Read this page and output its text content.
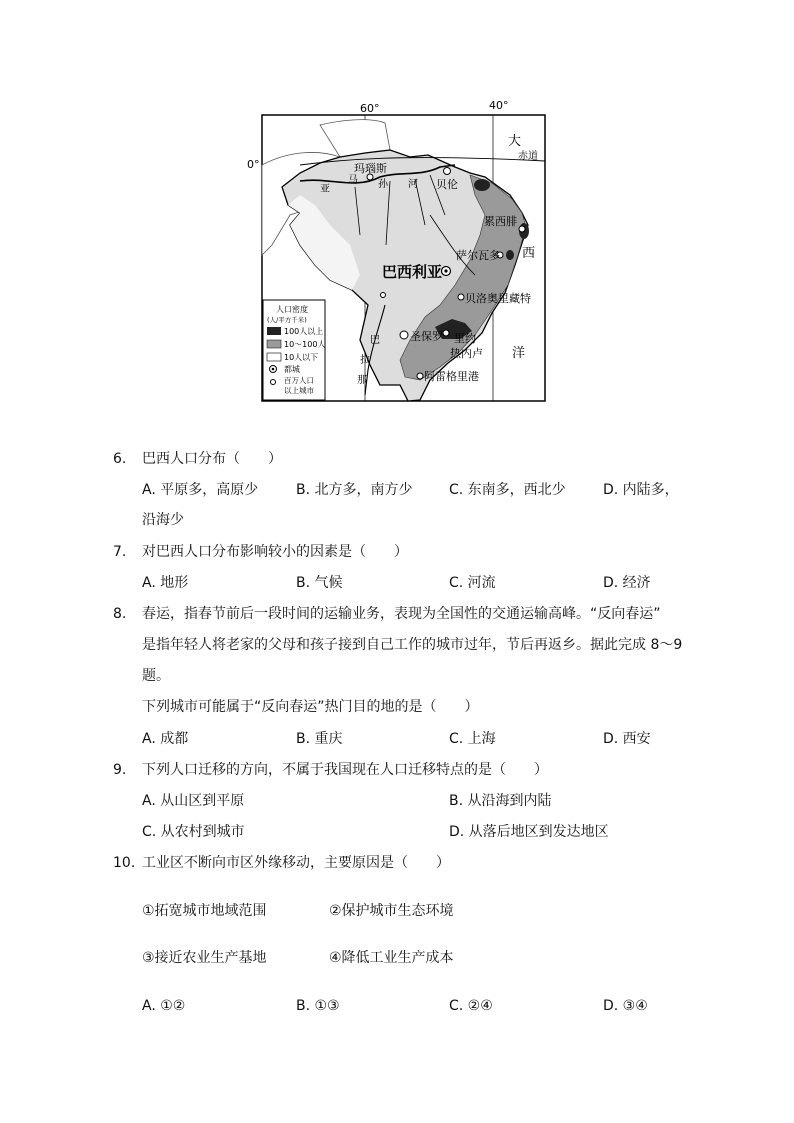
60°	40°
0°
赤道
亚
马 孙 河
巴
拉
那
大
西
洋
玛瑙斯
贝伦
累西腓
萨尔瓦多
巴西利亚
贝洛奥里藏特
圣保罗 里约
热内卢
阿雷格里港
人口密度
(人/平方千米)
100人以上
10～100人
10人以下
都城
百万人口
以上城市
6. 巴西人口分布（　　）
A. 平原多，高原少	B. 北方多，南方少	C. 东南多，西北少	D. 内陆多，
沿海少
7. 对巴西人口分布影响较小的因素是（　　）
A. 地形	B. 气候	C. 河流	D. 经济
8. 春运，指春节前后一段时间的运输业务，表现为全国性的交通运输高峰。“反向春运”
是指年轻人将老家的父母和孩子接到自己工作的城市过年，节后再返乡。据此完成 8～9
题。
下列城市可能属于“反向春运”热门目的地的是（　　）
A. 成都	B. 重庆	C. 上海	D. 西安
9. 下列人口迁移的方向，不属于我国现在人口迁移特点的是（　　）
A. 从山区到平原	B. 从沿海到内陆
C. 从农村到城市	D. 从落后地区到发达地区
10. 工业区不断向市区外缘移动，主要原因是（　　）
①拓宽城市地域范围	②保护城市生态环境
③接近农业生产基地	④降低工业生产成本
A. ①②	B. ①③	C. ②④	D. ③④
